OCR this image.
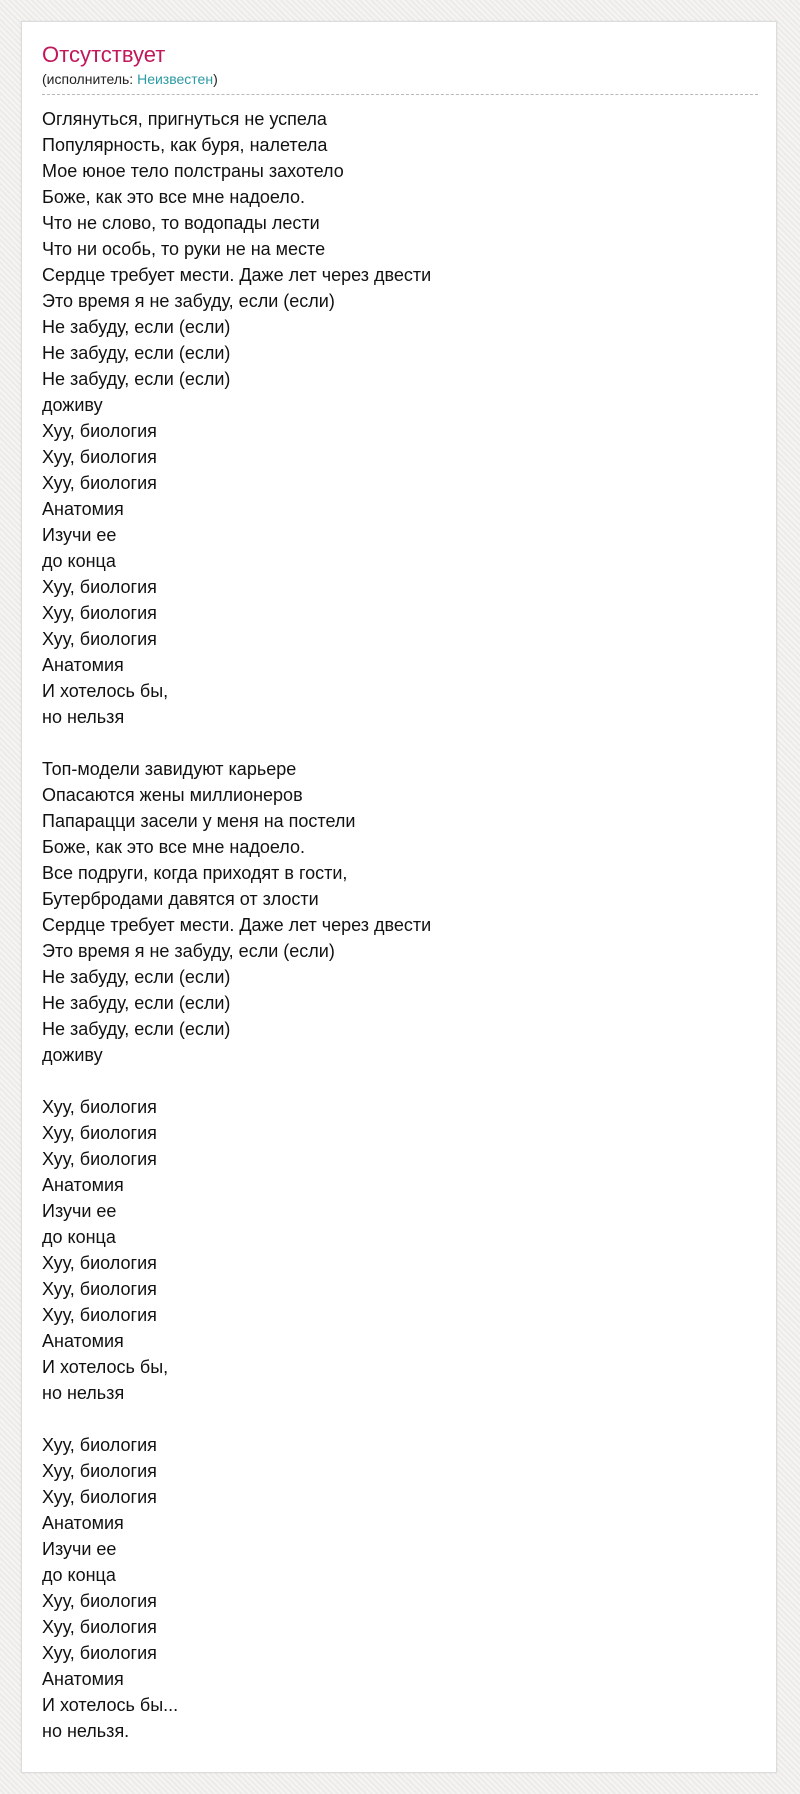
Отсутствует
(исполнитель: Неизвестен)
Оглянуться, пригнуться не успела
Популярность, как буря, налетела
Мое юное тело полстраны захотело
Боже, как это все мне надоело.
Что не слово, то водопады лести
Что ни особь, то руки не на месте
Сердце требует мести. Даже лет через двести
Это время я не забуду, если (если)
Не забуду, если (если)
Не забуду, если (если)
Не забуду, если (если)
доживу
Хуу, биология
Хуу, биология
Хуу, биология
Анатомия
Изучи ее
до конца
Хуу, биология
Хуу, биология
Хуу, биология
Анатомия
И хотелось бы,
но нельзя
Топ-модели завидуют карьере
Опасаются жены миллионеров
Папарацци засели у меня на постели
Боже, как это все мне надоело.
Все подруги, когда приходят в гости,
Бутербродами давятся от злости
Сердце требует мести. Даже лет через двести
Это время я не забуду, если (если)
Не забуду, если (если)
Не забуду, если (если)
Не забуду, если (если)
доживу
Хуу, биология
Хуу, биология
Хуу, биология
Анатомия
Изучи ее
до конца
Хуу, биология
Хуу, биология
Хуу, биология
Анатомия
И хотелось бы,
но нельзя
Хуу, биология
Хуу, биология
Хуу, биология
Анатомия
Изучи ее
до конца
Хуу, биология
Хуу, биология
Хуу, биология
Анатомия
И хотелось бы...
но нельзя.
